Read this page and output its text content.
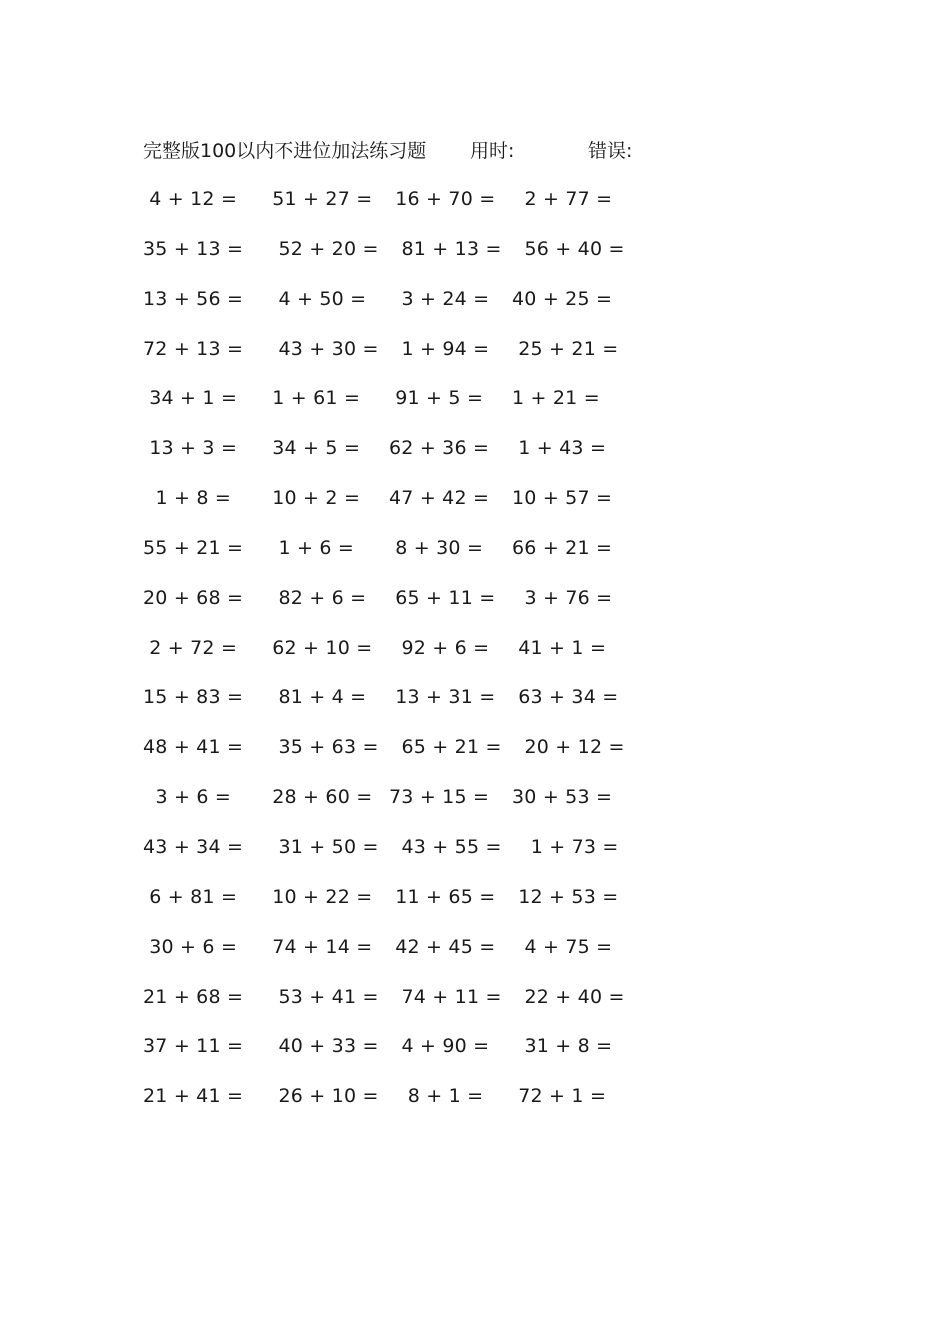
完整版100以内不进位加法练习题 用时:	错误:
4 + 12 = 51 + 27 = 16 + 70 = 2 + 77 =
35 + 13 = 52 + 20 = 81 + 13 = 56 + 40 =
13 + 56 = 4 + 50 = 3 + 24 = 40 + 25 =
72 + 13 = 43 + 30 = 1 + 94 = 25 + 21 =
34 + 1 = 1 + 61 = 91 + 5 = 1 + 21 =
13 + 3 = 34 + 5 = 62 + 36 = 1 + 43 =
1 + 8 = 10 + 2 = 47 + 42 = 10 + 57 =
55 + 21 = 1 + 6 = 8 + 30 = 66 + 21 =
20 + 68 = 82 + 6 = 65 + 11 = 3 + 76 =
2 + 72 = 62 + 10 = 92 + 6 = 41 + 1 =
15 + 83 = 81 + 4 = 13 + 31 = 63 + 34 =
48 + 41 = 35 + 63 = 65 + 21 = 20 + 12 =
3 + 6 = 28 + 60 = 73 + 15 = 30 + 53 =
43 + 34 = 31 + 50 = 43 + 55 = 1 + 73 =
6 + 81 = 10 + 22 = 11 + 65 = 12 + 53 =
30 + 6 = 74 + 14 = 42 + 45 = 4 + 75 =
21 + 68 = 53 + 41 = 74 + 11 = 22 + 40 =
37 + 11 = 40 + 33 = 4 + 90 = 31 + 8 =
21 + 41 = 26 + 10 = 8 + 1 = 72 + 1 =
